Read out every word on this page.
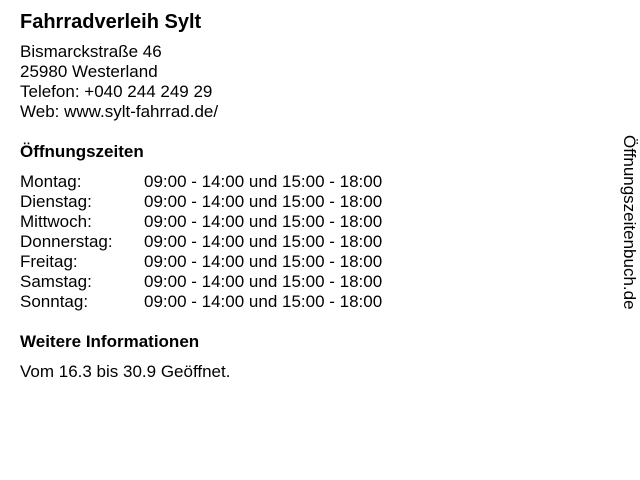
Fahrradverleih Sylt
Bismarckstraße 46
25980 Westerland
Telefon: +040 244 249 29
Web: www.sylt-fahrrad.de/
Öffnungszeiten
Montag:	09:00 - 14:00 und 15:00 - 18:00
Dienstag:	09:00 - 14:00 und 15:00 - 18:00
Mittwoch:	09:00 - 14:00 und 15:00 - 18:00
Donnerstag:	09:00 - 14:00 und 15:00 - 18:00
Freitag:	09:00 - 14:00 und 15:00 - 18:00
Samstag:	09:00 - 14:00 und 15:00 - 18:00
Sonntag:	09:00 - 14:00 und 15:00 - 18:00
Weitere Informationen
Vom 16.3 bis 30.9 Geöffnet.
Öffnungszeitenbuch.de
